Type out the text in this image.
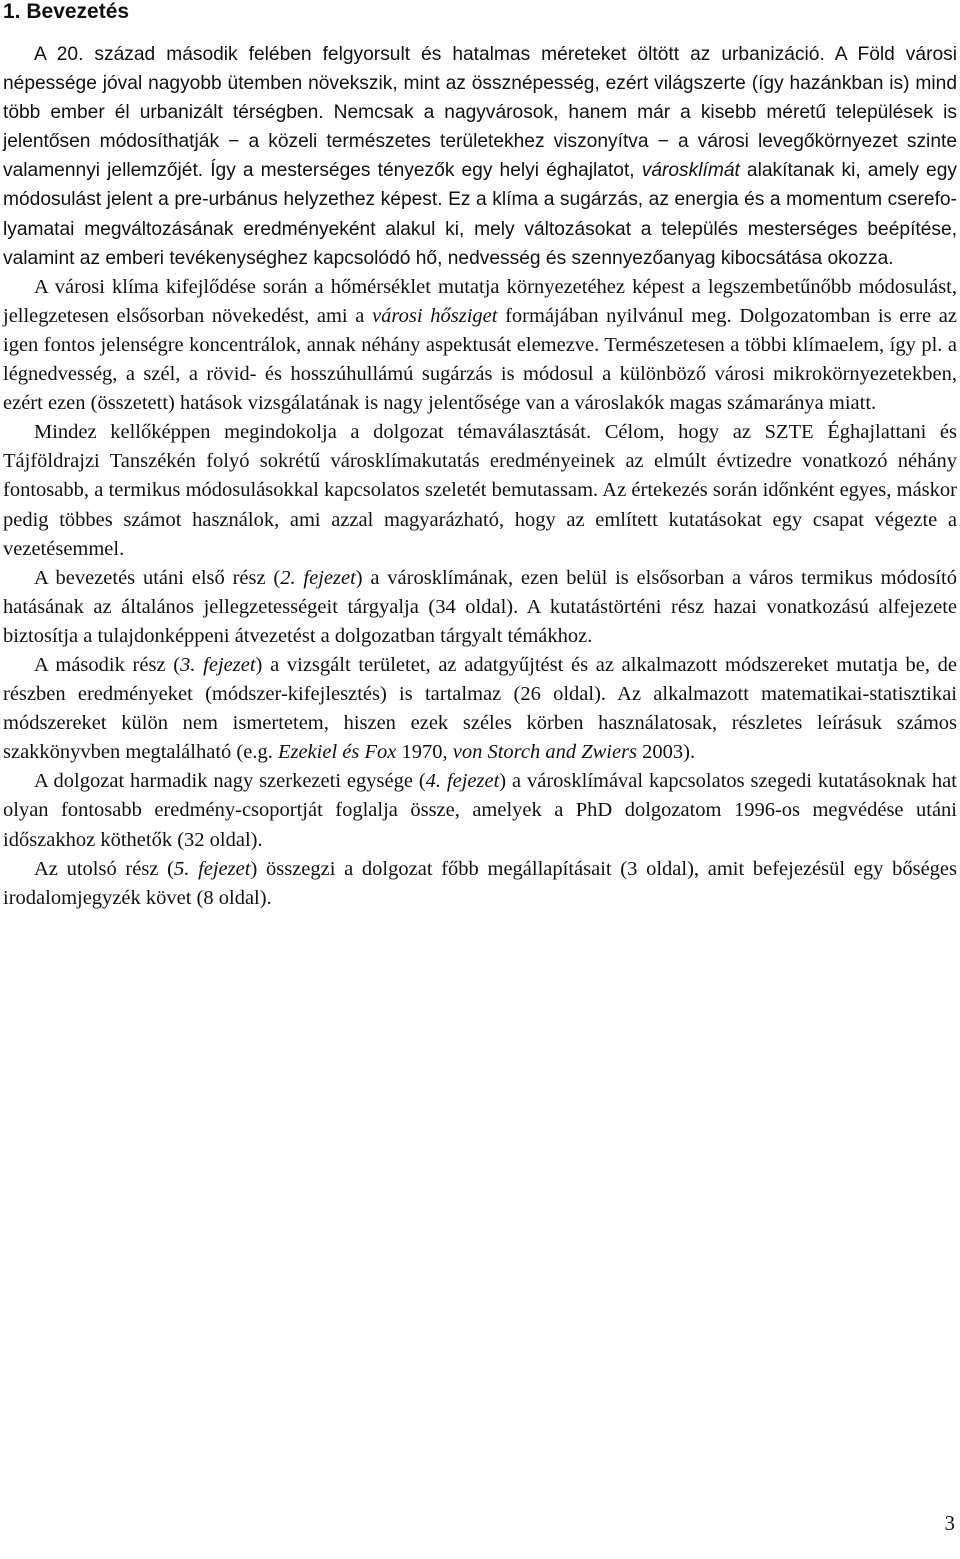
1. Bevezetés

A 20. század második felében felgyorsult és hatalmas méreteket öltött az urbanizáció. A Föld városi népessége jóval nagyobb ütemben növekszik, mint az össznépesség, ezért világszerte (így hazánkban is) mind több ember él urbanizált térségben. Nemcsak a nagyvárosok, hanem már a kisebb méretű települések is jelentősen módosíthatják − a közeli természetes területekhez viszonyítva − a városi levegőkörnyezet szinte valamennyi jellemzőjét. Így a mesterséges tényezők egy helyi éghajlatot, városklímát alakítanak ki, amely egy módosulást jelent a pre-urbánus helyzethez képest. Ez a klíma a sugárzás, az energia és a momentum cserefolyamatai megváltozásának eredményeként alakul ki, mely változásokat a település mesterséges beépítése, valamint az emberi tevékenységhez kapcsolódó hő, nedvesség és szennyezőanyag kibocsátása okozza.

A városi klíma kifejlődése során a hőmérséklet mutatja környezetéhez képest a legszembetűnőbb módosulást, jellegzetesen elsősorban növekedést, ami a városi hősziget formájában nyilvánul meg. Dolgozatomban is erre az igen fontos jelenségre koncentrálok, annak néhány aspektusát elemezve. Természetesen a többi klímaelem, így pl. a légnedvesség, a szél, a rövid- és hosszúhullámú sugárzás is módosul a különböző városi mikrokörnyezetekben, ezért ezen (összetett) hatások vizsgálatának is nagy jelentősége van a városlakók magas számaránya miatt.

Mindez kellőképpen megindokolja a dolgozat témaválasztását. Célom, hogy az SZTE Éghajlattani és Tájföldrajzi Tanszékén folyó sokrétű városklímakutatás eredményeinek az elmúlt évtizedre vonatkozó néhány fontosabb, a termikus módosulásokkal kapcsolatos szeletét bemutassam. Az értekezés során időnként egyes, máskor pedig többes számot használok, ami azzal magyarázható, hogy az említett kutatásokat egy csapat végezte a vezetésemmel.

A bevezetés utáni első rész (2. fejezet) a városklímának, ezen belül is elsősorban a város termikus módosító hatásának az általános jellegzetességeit tárgyalja (34 oldal). A kutatástörténi rész hazai vonatkozású alfejezete biztosítja a tulajdonképpeni átvezetést a dolgozatban tárgyalt témákhoz.

A második rész (3. fejezet) a vizsgált területet, az adatgyűjtést és az alkalmazott módszereket mutatja be, de részben eredményeket (módszer-kifejlesztés) is tartalmaz (26 oldal). Az alkalmazott matematikai-statisztikai módszereket külön nem ismertetem, hiszen ezek széles körben használatosak, részletes leírásuk számos szakkönyvben megtalálható (e.g. Ezekiel és Fox 1970, von Storch and Zwiers 2003).

A dolgozat harmadik nagy szerkezeti egysége (4. fejezet) a városklímával kapcsolatos szegedi kutatásoknak hat olyan fontosabb eredmény-csoportját foglalja össze, amelyek a PhD dolgozatom 1996-os megvédése utáni időszakhoz köthetők (32 oldal).

Az utolsó rész (5. fejezet) összegzi a dolgozat főbb megállapításait (3 oldal), amit befejezésül egy bőséges irodalomjegyzék követ (8 oldal).

3
